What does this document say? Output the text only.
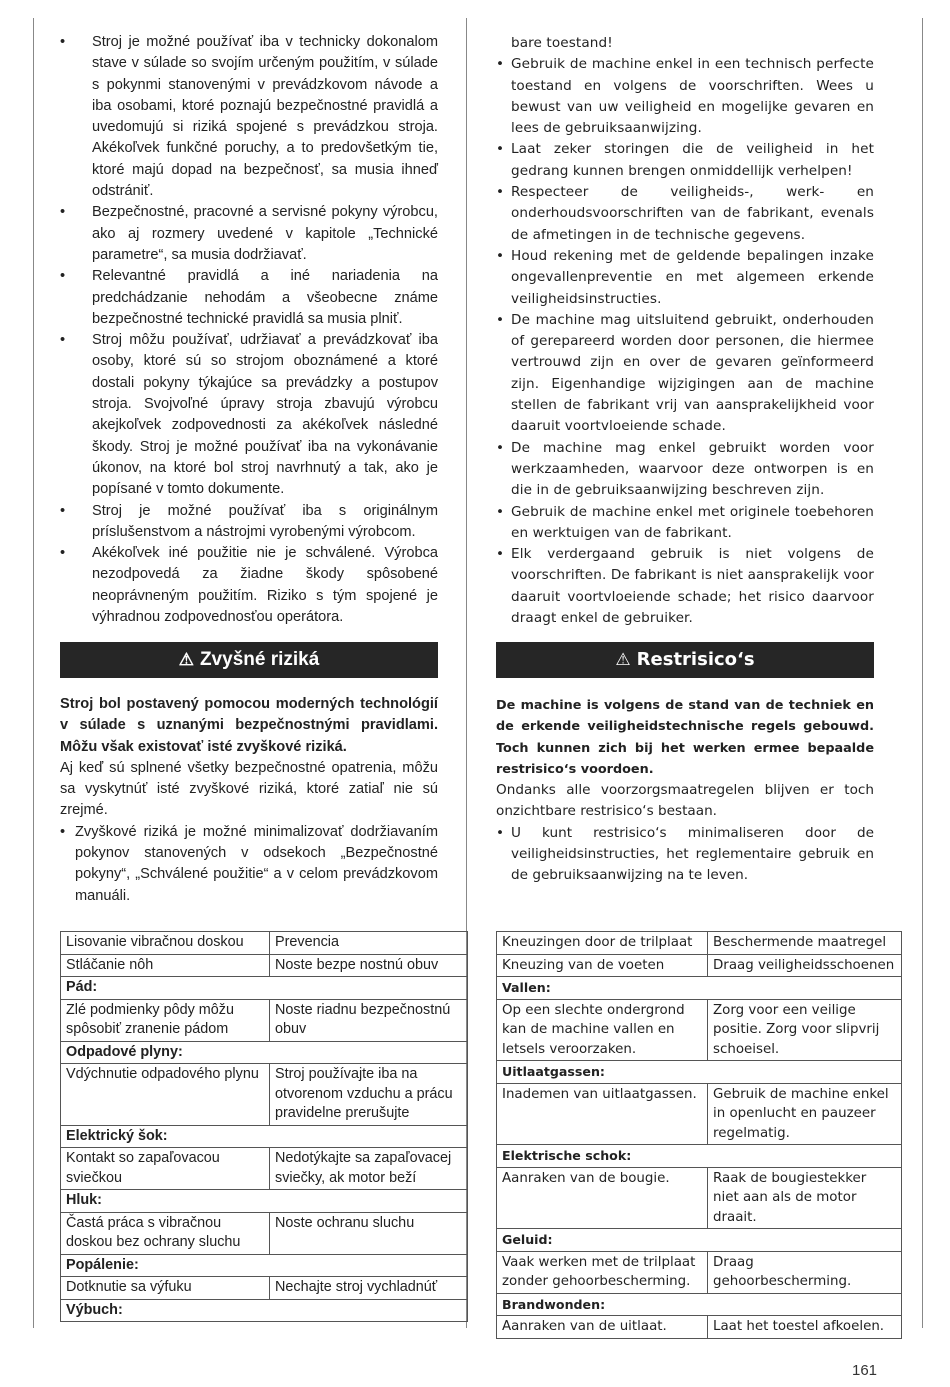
• Stroj je možné používať iba v technicky dokonalom stave v súlade so svojím určeným použitím, v súlade s pokynmi stanovenými v prevádzkovom návode a iba osobami, ktoré poznajú bezpečnostné pravidlá a uvedomujú si riziká spojené s prevádzkou stroja. Akékoľvek funkčné poruchy, a to predovšetkým tie, ktoré majú dopad na bezpečnosť, sa musia ihneď odstrániť.
• Bezpečnostné, pracovné a servisné pokyny výrobcu, ako aj rozmery uvedené v kapitole „Technické parametre“, sa musia dodržiavať.
• Relevantné pravidlá a iné nariadenia na predchádzanie nehodám a všeobecne známe bezpečnostné technické pravidlá sa musia plniť.
• Stroj môžu používať, udržiavať a prevádzkovať iba osoby, ktoré sú so strojom oboznámené a ktoré dostali pokyny týkajúce sa prevádzky a postupov stroja. Svojvoľné úpravy stroja zbavujú výrobcu akejkoľvek zodpovednosti za akékoľvek následné škody. Stroj je možné používať iba na vykonávanie úkonov, na ktoré bol stroj navrhnutý a tak, ako je popísané v tomto dokumente.
• Stroj je možné používať iba s originálnym príslušenstvom a nástrojmi vyrobenými výrobcom.
• Akékoľvek iné použitie nie je schválené. Výrobca nezodpovedá za žiadne škody spôsobené neoprávneným použitím. Riziko s tým spojené je výhradnou zodpovednosťou operátora.
bare toestand!
• Gebruik de machine enkel in een technisch perfecte toestand en volgens de voorschriften. Wees u bewust van uw veiligheid en mogelijke gevaren en lees de gebruiksaanwijzing.
• Laat zeker storingen die de veiligheid in het gedrang kunnen brengen onmiddellijk verhelpen!
• Respecteer de veiligheids-, werk- en onderhoudsvoorschriften van de fabrikant, evenals de afmetingen in de technische gegevens.
• Houd rekening met de geldende bepalingen inzake ongevallenpreventie en met algemeen erkende veiligheidsinstructies.
• De machine mag uitsluitend gebruikt, onderhouden of gerepareerd worden door personen, die hiermee vertrouwd zijn en over de gevaren geïnformeerd zijn. Eigenhandige wijzigingen aan de machine stellen de fabrikant vrij van aansprakelijkheid voor daaruit voortvloeiende schade.
• De machine mag enkel gebruikt worden voor werkzaamheden, waarvoor deze ontworpen is en die in de gebruiksaanwijzing beschreven zijn.
• Gebruik de machine enkel met originele toebehoren en werktuigen van de fabrikant.
• Elk verdergaand gebruik is niet volgens de voorschriften. De fabrikant is niet aansprakelijk voor daaruit voortvloeiende schade; het risico daarvoor draagt enkel de gebruiker.
⚠ Zvyšné riziká	⚠ Restrisico‘s

Stroj bol postavený pomocou moderných technológií v súlade s uznanými bezpečnostnými pravidlami. Môžu však existovať isté zvyškové riziká.

Aj keď sú splnené všetky bezpečnostné opatrenia, môžu sa vyskytnúť isté zvyškové riziká, ktoré zatiaľ nie sú zrejmé.

• Zvyškové riziká je možné minimalizovať dodržiavaním pokynov stanovených v odsekoch „Bezpečnostné pokyny“, „Schválené použitie“ a v celom prevádzkovom manuáli.

De machine is volgens de stand van de techniek en de erkende veiligheidstechnische regels gebouwd. Toch kunnen zich bij het werken ermee bepaalde restrisico‘s voordoen.

Ondanks alle voorzorgsmaatregelen blijven er toch onzichtbare restrisico‘s bestaan.

• U kunt restrisico‘s minimaliseren door de veiligheidsinstructies, het reglementaire gebruik en de gebruiksaanwijzing na te leven.
Lisovanie vibračnou doskou	Prevencia
Stláčanie nôh	Noste bezpe nostnú obuv
Pád:	
Zlé podmienky pôdy môžu spôsobiť zranenie pádom	Noste riadnu bezpečnostnú obuv
Odpadové plyny:	
Vdýchnutie odpadového plynu	Stroj používajte iba na otvorenom vzduchu a prácu pravidelne prerušujte
Elektrický šok:	
Kontakt so zapaľovacou sviečkou	Nedotýkajte sa zapaľovacej sviečky, ak motor beží
Hluk:	
Častá práca s vibračnou doskou bez ochrany sluchu	Noste ochranu sluchu
Popálenie:	
Dotknutie sa výfuku	Nechajte stroj vychladnúť
Výbuch:	
Kneuzingen door de trilplaat	Beschermende maatregel
Kneuzing van de voeten	Draag veiligheidsschoenen
Vallen:	
Op een slechte ondergrond kan de machine vallen en letsels veroorzaken.	Zorg voor een veilige positie. Zorg voor slipvrij schoeisel.
Uitlaatgassen:	
Inademen van uitlaatgassen.	Gebruik de machine enkel in openlucht en pauzeer regelmatig.
Elektrische schok:	
Aanraken van de bougie.	Raak de bougiestekker niet aan als de motor draait.
Geluid:	
Vaak werken met de trilplaat zonder gehoorbescherming.	Draag gehoorbescherming.
Brandwonden:	
Aanraken van de uitlaat.	Laat het toestel afkoelen.
161
